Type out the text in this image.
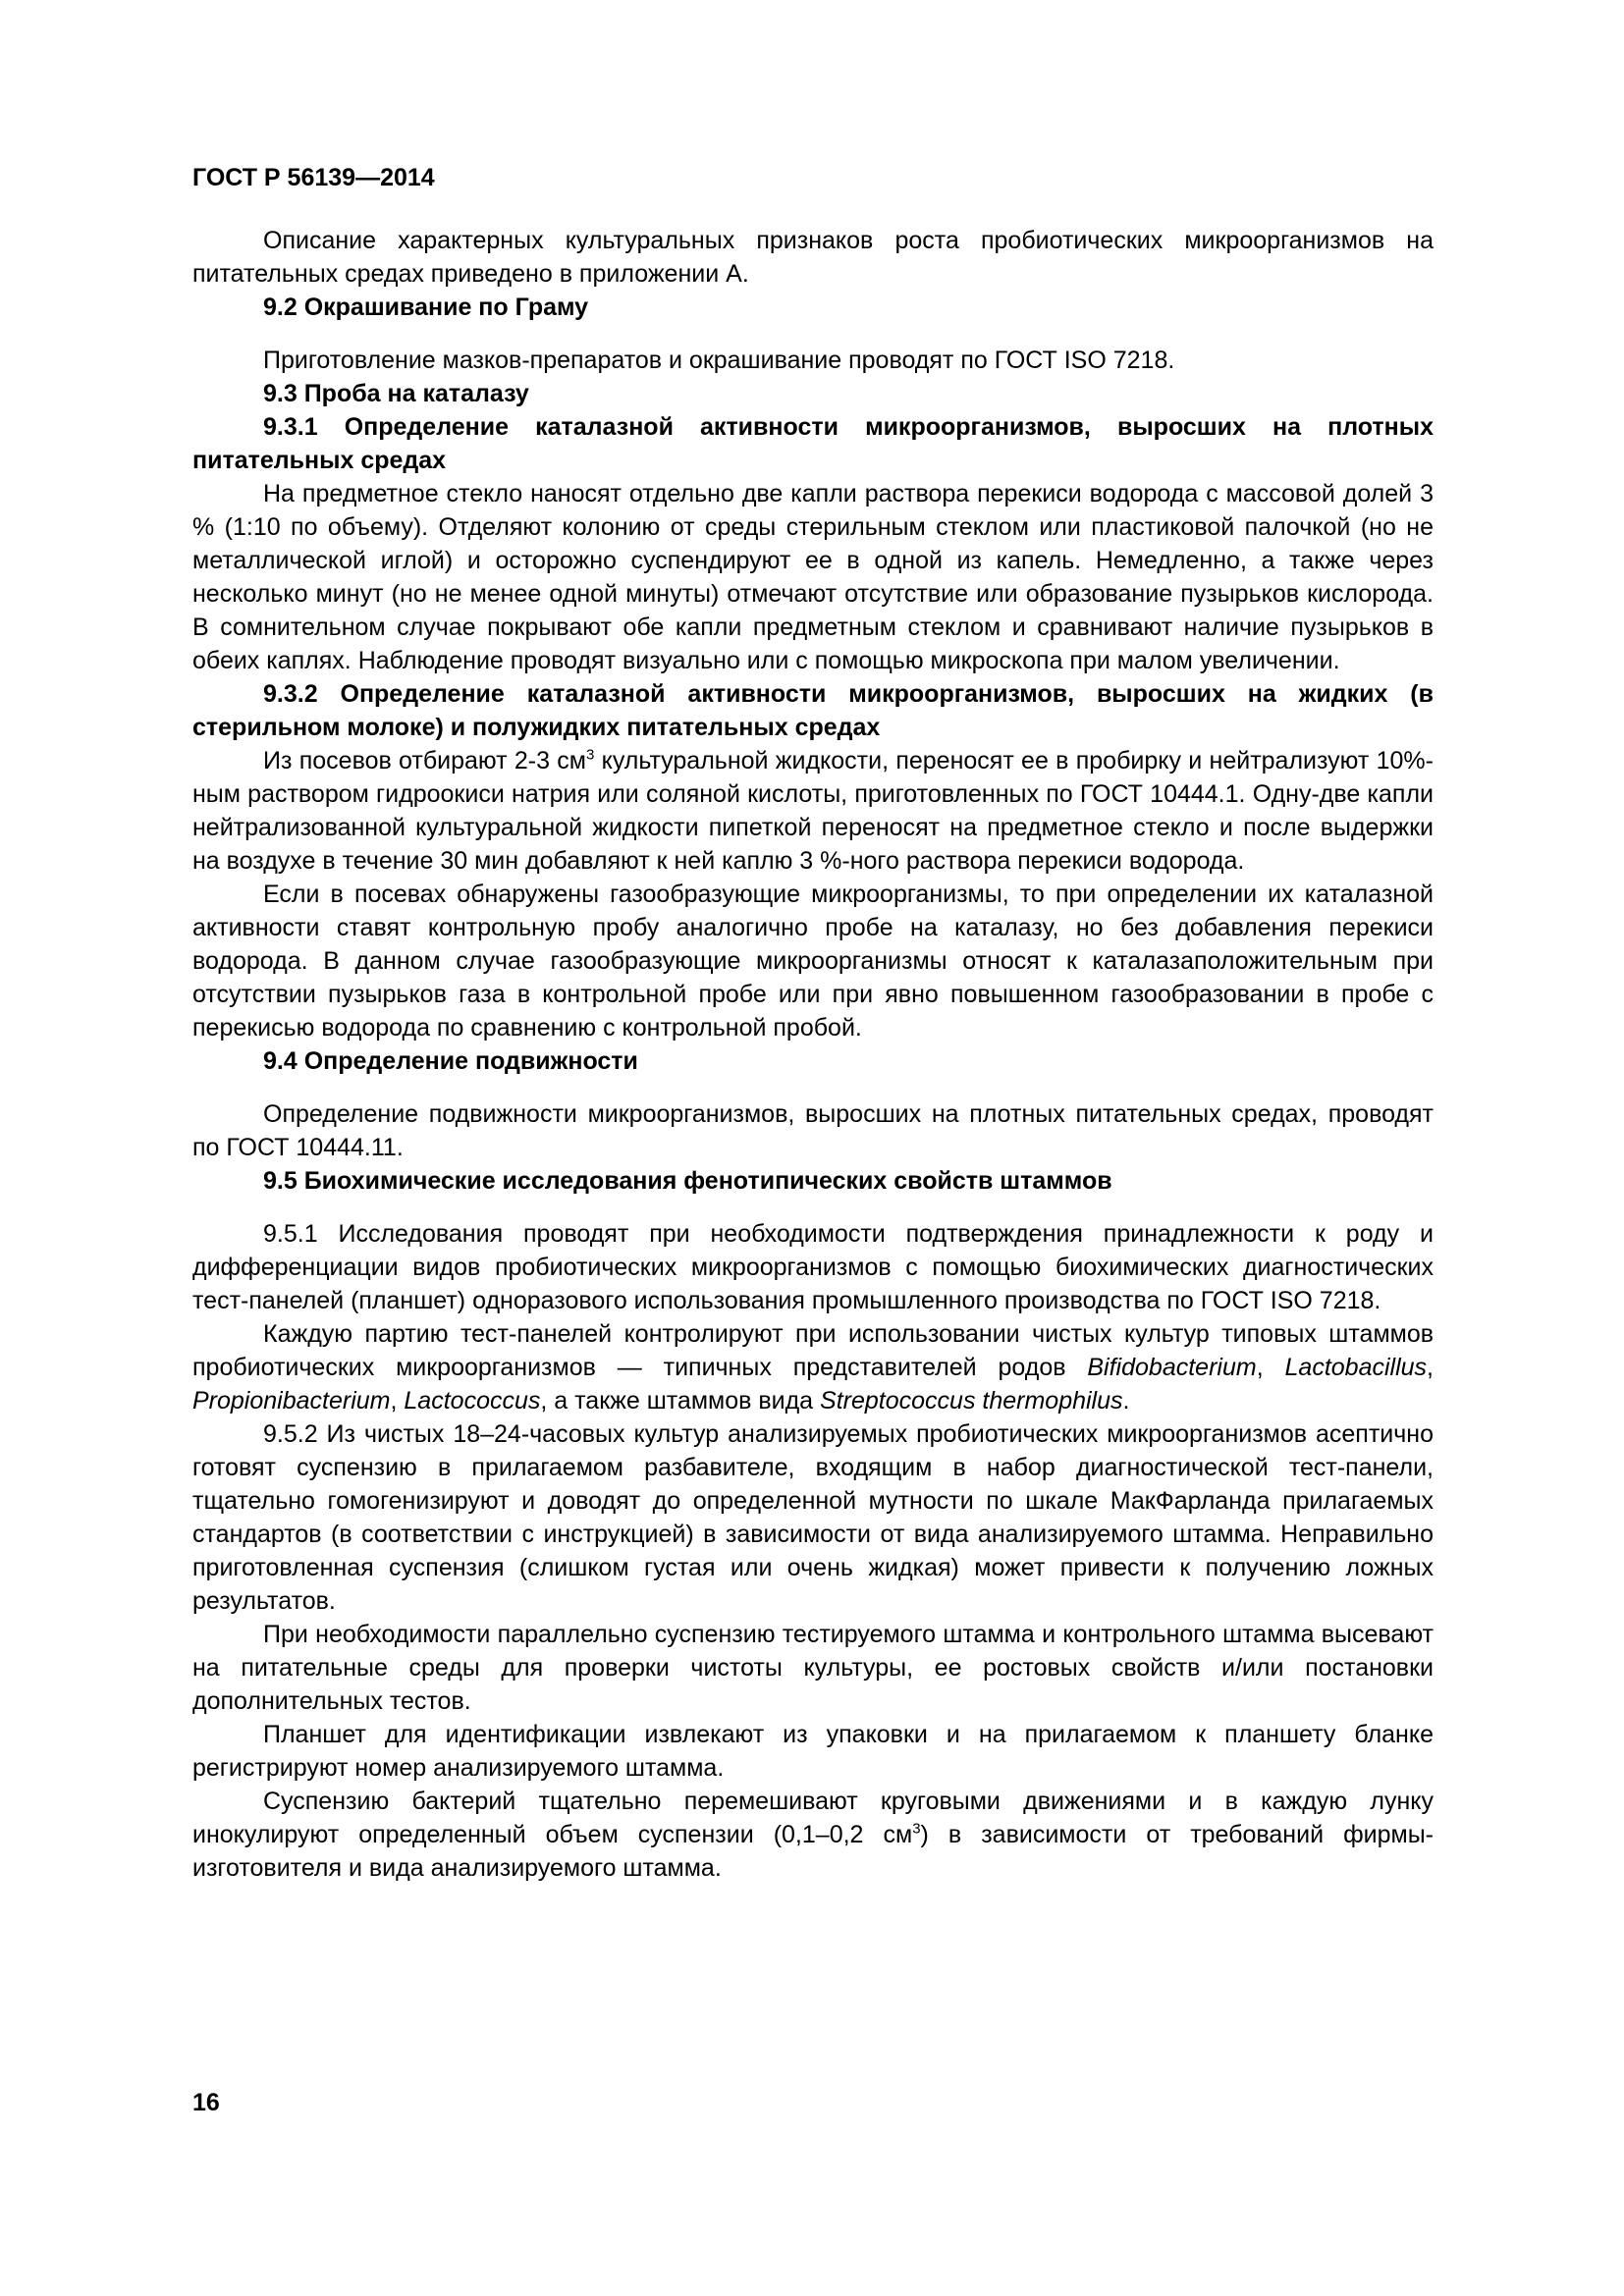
ГОСТ Р 56139—2014

Описание характерных культуральных признаков роста пробиотических микроорганизмов на питательных средах приведено в приложении А.

9.2 Окрашивание по Граму

Приготовление мазков-препаратов и окрашивание проводят по ГОСТ ISO 7218.

9.3 Проба на каталазу

9.3.1 Определение каталазной активности микроорганизмов, выросших на плотных питательных средах

На предметное стекло наносят отдельно две капли раствора перекиси водорода с массовой долей 3 % (1:10 по объему). Отделяют колонию от среды стерильным стеклом или пластиковой палочкой (но не металлической иглой) и осторожно суспендируют ее в одной из капель. Немедленно, а также через несколько минут (но не менее одной минуты) отмечают отсутствие или образование пузырьков кислорода. В сомнительном случае покрывают обе капли предметным стеклом и сравнивают наличие пузырьков в обеих каплях. Наблюдение проводят визуально или с помощью микроскопа при малом увеличении.

9.3.2 Определение каталазной активности микроорганизмов, выросших на жидких (в стерильном молоке) и полужидких питательных средах

Из посевов отбирают 2-3 $см^3$ культуральной жидкости, переносят ее в пробирку и нейтрализуют 10%-ным раствором гидроокиси натрия или соляной кислоты, приготовленных по ГОСТ 10444.1. Одну-две капли нейтрализованной культуральной жидкости пипеткой переносят на предметное стекло и после выдержки на воздухе в течение 30 мин добавляют к ней каплю 3 %-ного раствора перекиси водорода.

Если в посевах обнаружены газообразующие микроорганизмы, то при определении их каталазной активности ставят контрольную пробу аналогично пробе на каталазу, но без добавления перекиси водорода. В данном случае газообразующие микроорганизмы относят к каталазаположительным при отсутствии пузырьков газа в контрольной пробе или при явно повышенном газообразовании в пробе с перекисью водорода по сравнению с контрольной пробой.

9.4 Определение подвижности

Определение подвижности микроорганизмов, выросших на плотных питательных средах, проводят по ГОСТ 10444.11.

9.5 Биохимические исследования фенотипических свойств штаммов

9.5.1 Исследования проводят при необходимости подтверждения принадлежности к роду и дифференциации видов пробиотических микроорганизмов с помощью биохимических диагностических тест-панелей (планшет) одноразового использования промышленного производства по ГОСТ ISO 7218.

Каждую партию тест-панелей контролируют при использовании чистых культур типовых штаммов пробиотических микроорганизмов — типичных представителей родов Bifidobacterium, Lactobacillus, Propionibacterium, Lactococcus, а также штаммов вида Streptococcus thermophilus.

9.5.2 Из чистых 18–24-часовых культур анализируемых пробиотических микроорганизмов асептично готовят суспензию в прилагаемом разбавителе, входящим в набор диагностической тест-панели, тщательно гомогенизируют и доводят до определенной мутности по шкале МакФарланда прилагаемых стандартов (в соответствии с инструкцией) в зависимости от вида анализируемого штамма. Неправильно приготовленная суспензия (слишком густая или очень жидкая) может привести к получению ложных результатов.

При необходимости параллельно суспензию тестируемого штамма и контрольного штамма высевают на питательные среды для проверки чистоты культуры, ее ростовых свойств и/или постановки дополнительных тестов.

Планшет для идентификации извлекают из упаковки и на прилагаемом к планшету бланке регистрируют номер анализируемого штамма.

Суспензию бактерий тщательно перемешивают круговыми движениями и в каждую лунку инокулируют определенный объем суспензии (0,1–0,2 $см^3$) в зависимости от требований фирмы-изготовителя и вида анализируемого штамма.

16
